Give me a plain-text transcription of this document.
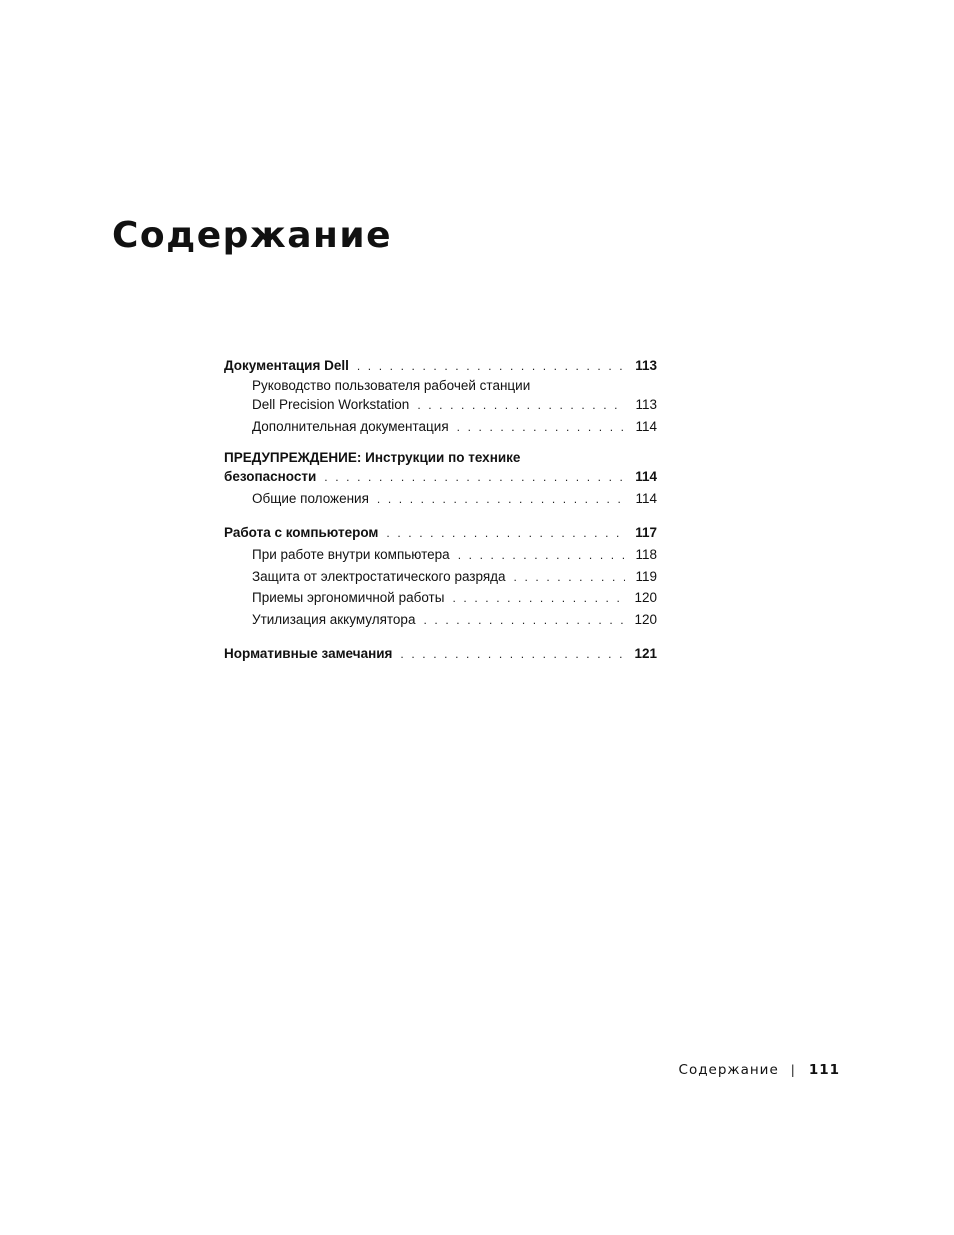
Содержание
Документация Dell .....	113
Руководство пользователя рабочей станции
Dell Precision Workstation .....	113
Дополнительная документация .....	114
ПРЕДУПРЕЖДЕНИЕ: Инструкции по технике
безопасности .....	114
Общие положения .....	114
Работа с компьютером .....	117
При работе внутри компьютера .....	118
Защита от электростатического разряда .....	119
Приемы эргономичной работы .....	120
Утилизация аккумулятора .....	120
Нормативные замечания .....	121
Содержание | 111
